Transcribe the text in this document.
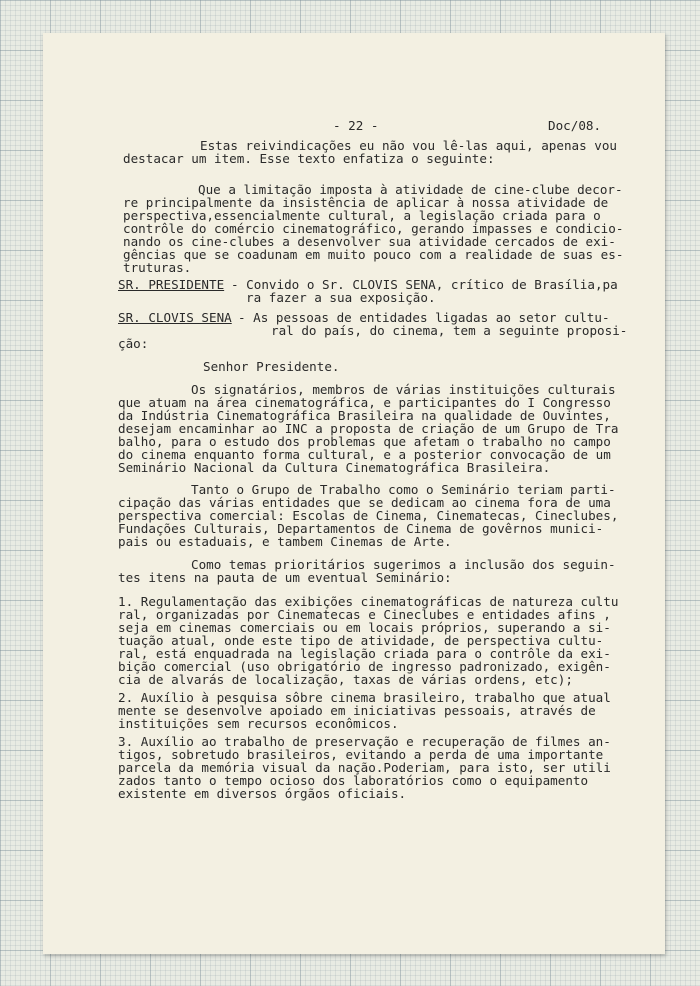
- 22 -	Doc/08.
Estas reivindicações eu não vou lê-las aqui, apenas vou
destacar um item. Esse texto enfatiza o seguinte:
Que a limitação imposta à atividade de cine-clube decor-
re principalmente da insistência de aplicar à nossa atividade de
perspectiva,essencialmente cultural, a legislação criada para o
contrôle do comércio cinematográfico, gerando impasses e condicio-
nando os cine-clubes a desenvolver sua atividade cercados de exi-
gências que se coadunam em muito pouco com a realidade de suas es-
truturas.
SR. PRESIDENTE - Convido o Sr. CLOVIS SENA, crítico de Brasília,pa
ra fazer a sua exposição.
SR. CLOVIS SENA - As pessoas de entidades ligadas ao setor cultu-
ral do país, do cinema, tem a seguinte proposi-
ção:
Senhor Presidente.
Os signatários, membros de várias instituições culturais
que atuam na área cinematográfica, e participantes do I Congresso
da Indústria Cinematográfica Brasileira na qualidade de Ouvintes,
desejam encaminhar ao INC a proposta de criação de um Grupo de Tra
balho, para o estudo dos problemas que afetam o trabalho no campo
do cinema enquanto forma cultural, e a posterior convocação de um
Seminário Nacional da Cultura Cinematográfica Brasileira.
Tanto o Grupo de Trabalho como o Seminário teriam parti-
cipação das várias entidades que se dedicam ao cinema fora de uma
perspectiva comercial: Escolas de Cinema, Cinematecas, Cineclubes,
Fundações Culturais, Departamentos de Cinema de govêrnos munici-
pais ou estaduais, e tambem Cinemas de Arte.
Como temas prioritários sugerimos a inclusão dos seguin-
tes itens na pauta de um eventual Seminário:
1. Regulamentação das exibições cinematográficas de natureza cultu
ral, organizadas por Cinematecas e Cineclubes e entidades afins ,
seja em cinemas comerciais ou em locais próprios, superando a si-
tuação atual, onde este tipo de atividade, de perspectiva cultu-
ral, está enquadrada na legislação criada para o contrôle da exi-
bição comercial (uso obrigatório de ingresso padronizado, exigên-
cia de alvarás de localização, taxas de várias ordens, etc);
2. Auxílio à pesquisa sôbre cinema brasileiro, trabalho que atual
mente se desenvolve apoiado em iniciativas pessoais, através de
instituições sem recursos econômicos.
3. Auxílio ao trabalho de preservação e recuperação de filmes an-
tigos, sobretudo brasileiros, evitando a perda de uma importante
parcela da memória visual da nação.Poderiam, para isto, ser utili
zados tanto o tempo ocioso dos laboratórios como o equipamento
existente em diversos órgãos oficiais.
